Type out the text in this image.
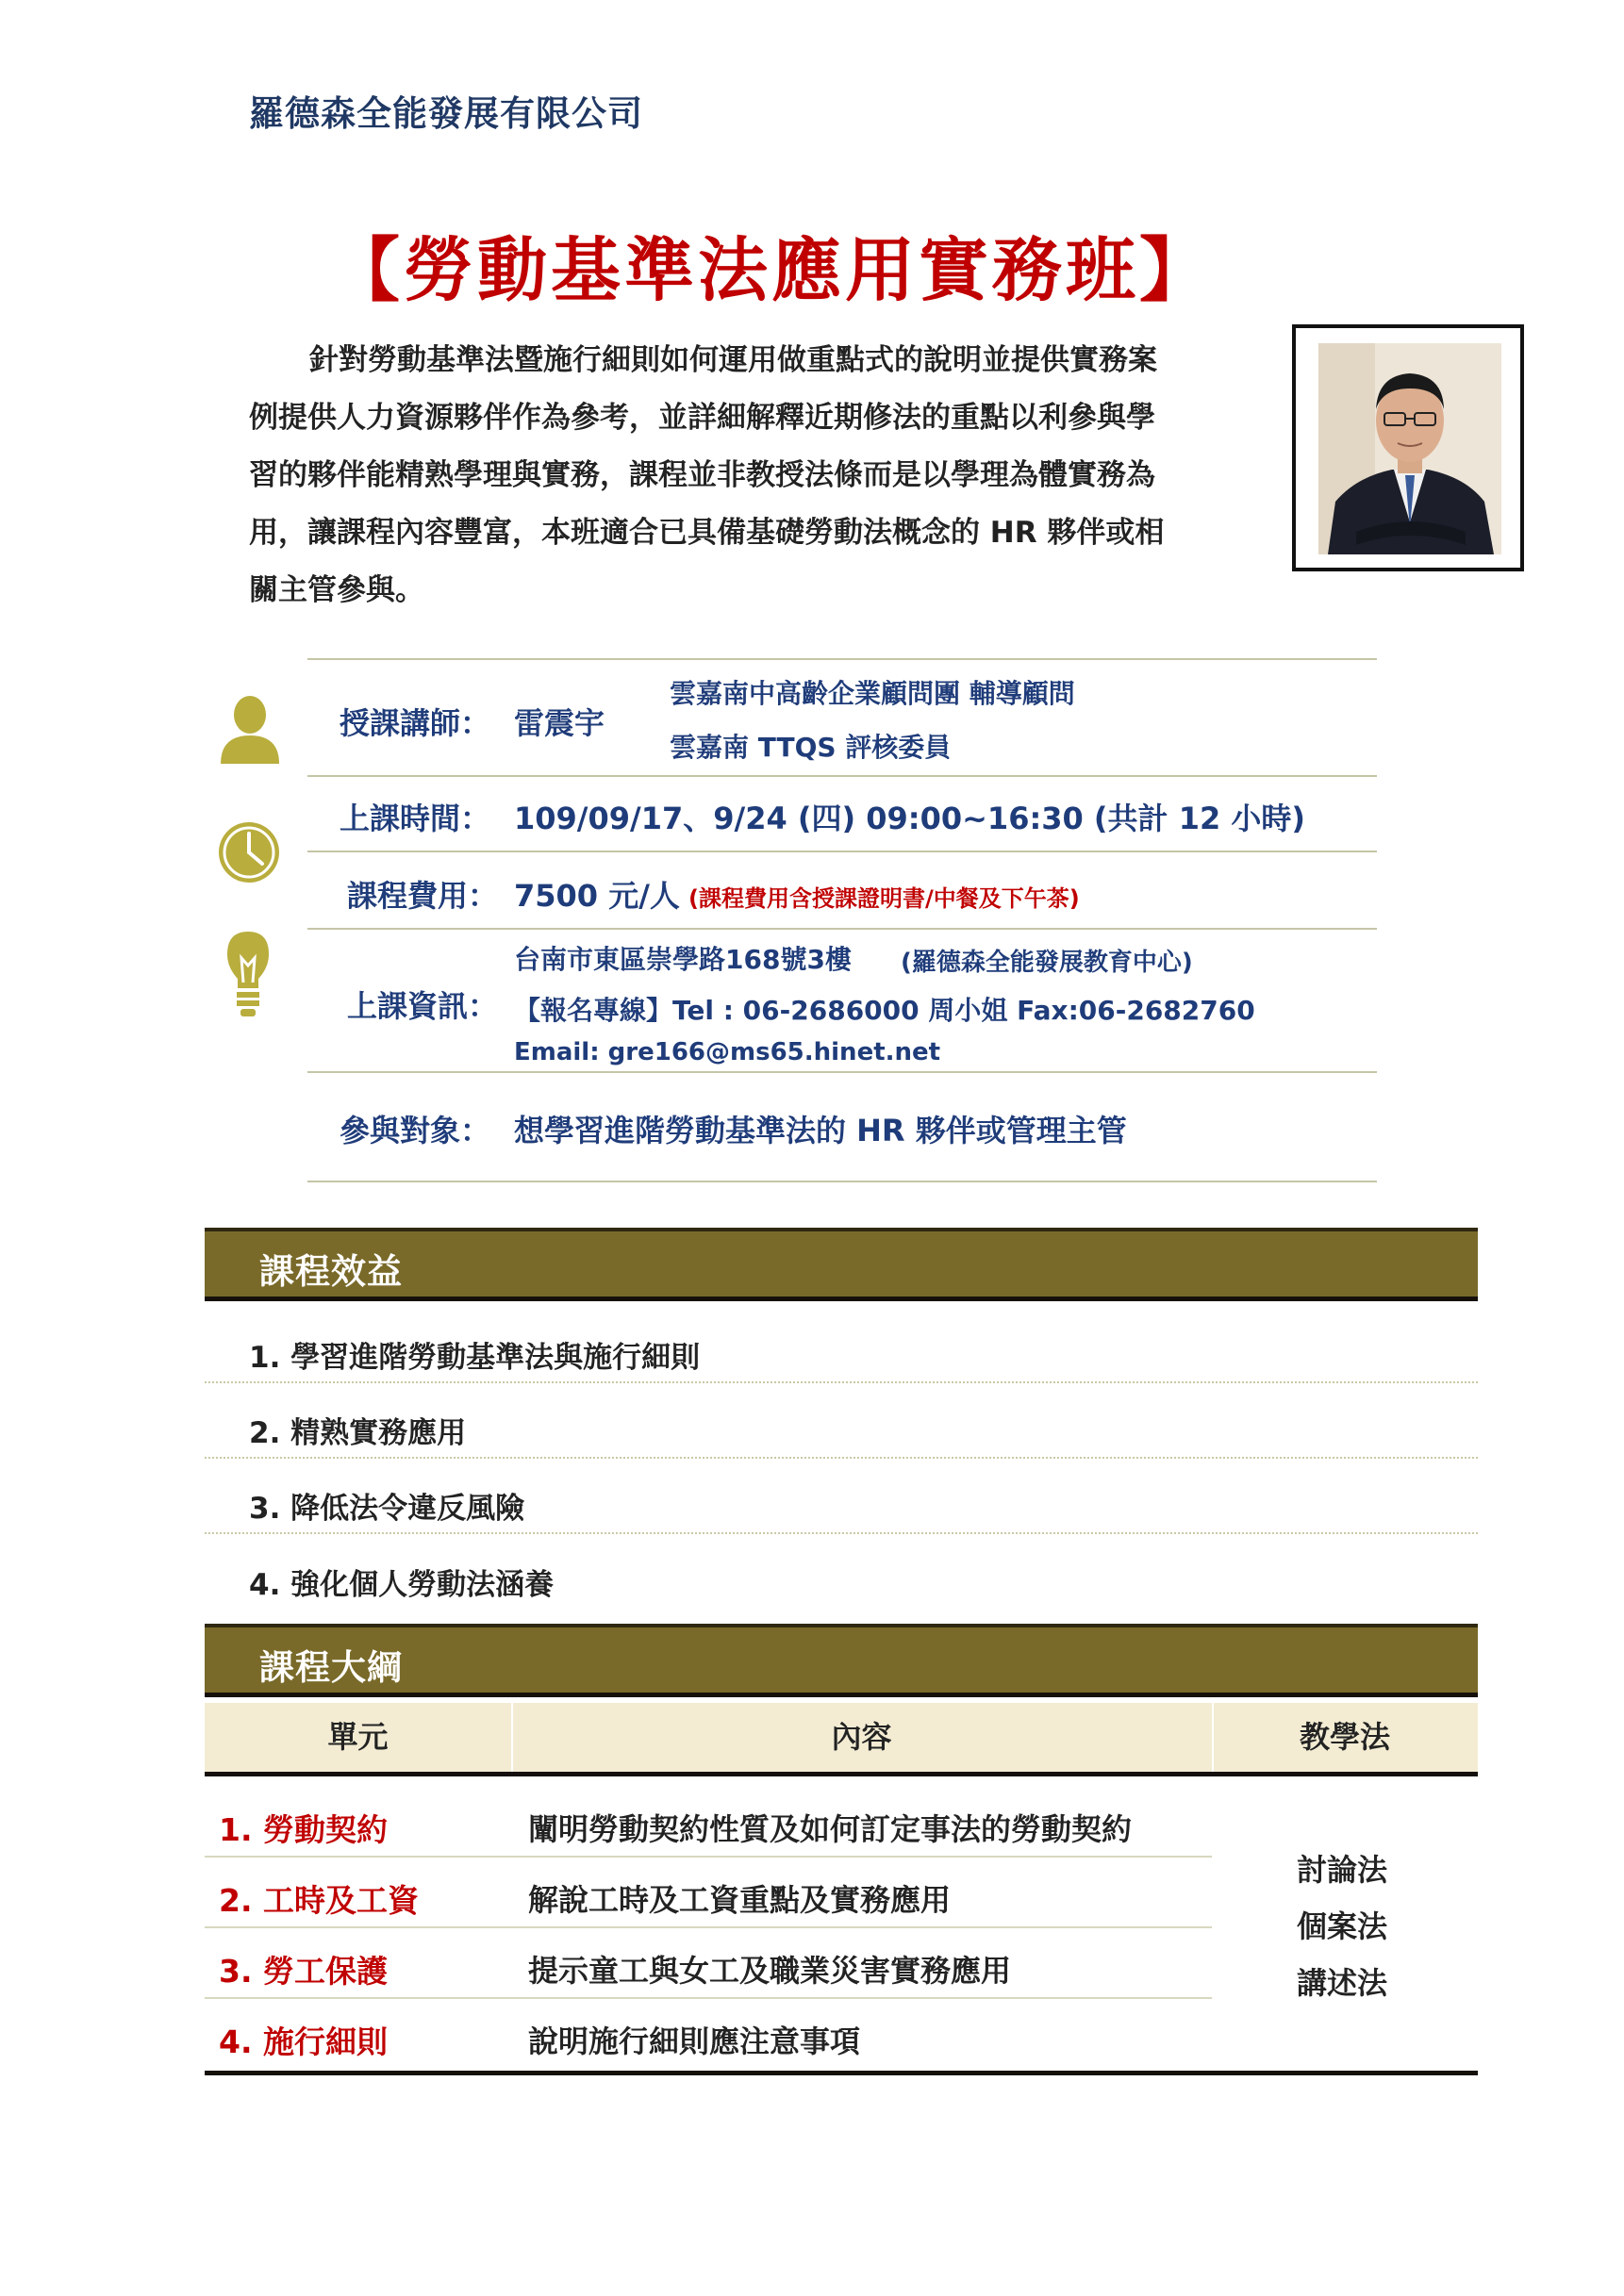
羅德森全能發展有限公司
【勞動基準法應用實務班】
針對勞動基準法暨施行細則如何運用做重點式的說明並提供實務案
例提供人力資源夥伴作為參考，並詳細解釋近期修法的重點以利參與學
習的夥伴能精熟學理與實務，課程並非教授法條而是以學理為體實務為
用，讓課程內容豐富，本班適合已具備基礎勞動法概念的 HR 夥伴或相
關主管參與。
授課講師： 雷震宇
雲嘉南中高齡企業顧問團 輔導顧問
雲嘉南 TTQS 評核委員
上課時間： 109/09/17、9/24 (四) 09:00~16:30 (共計 12 小時)
課程費用： 7500 元/人 (課程費用含授課證明書/中餐及下午茶)
上課資訊：
台南市東區崇學路168號3樓 (羅德森全能發展教育中心)
【報名專線】Tel : 06-2686000 周小姐 Fax:06-2682760
Email: gre166@ms65.hinet.net
參與對象： 想學習進階勞動基準法的 HR 夥伴或管理主管
課程效益
1. 學習進階勞動基準法與施行細則
2. 精熟實務應用
3. 降低法令違反風險
4. 強化個人勞動法涵養
課程大綱
單元	內容	教學法
1. 勞動契約	闡明勞動契約性質及如何訂定事法的勞動契約
2. 工時及工資	解說工時及工資重點及實務應用
3. 勞工保護	提示童工與女工及職業災害實務應用
4. 施行細則	說明施行細則應注意事項
討論法
個案法
講述法
